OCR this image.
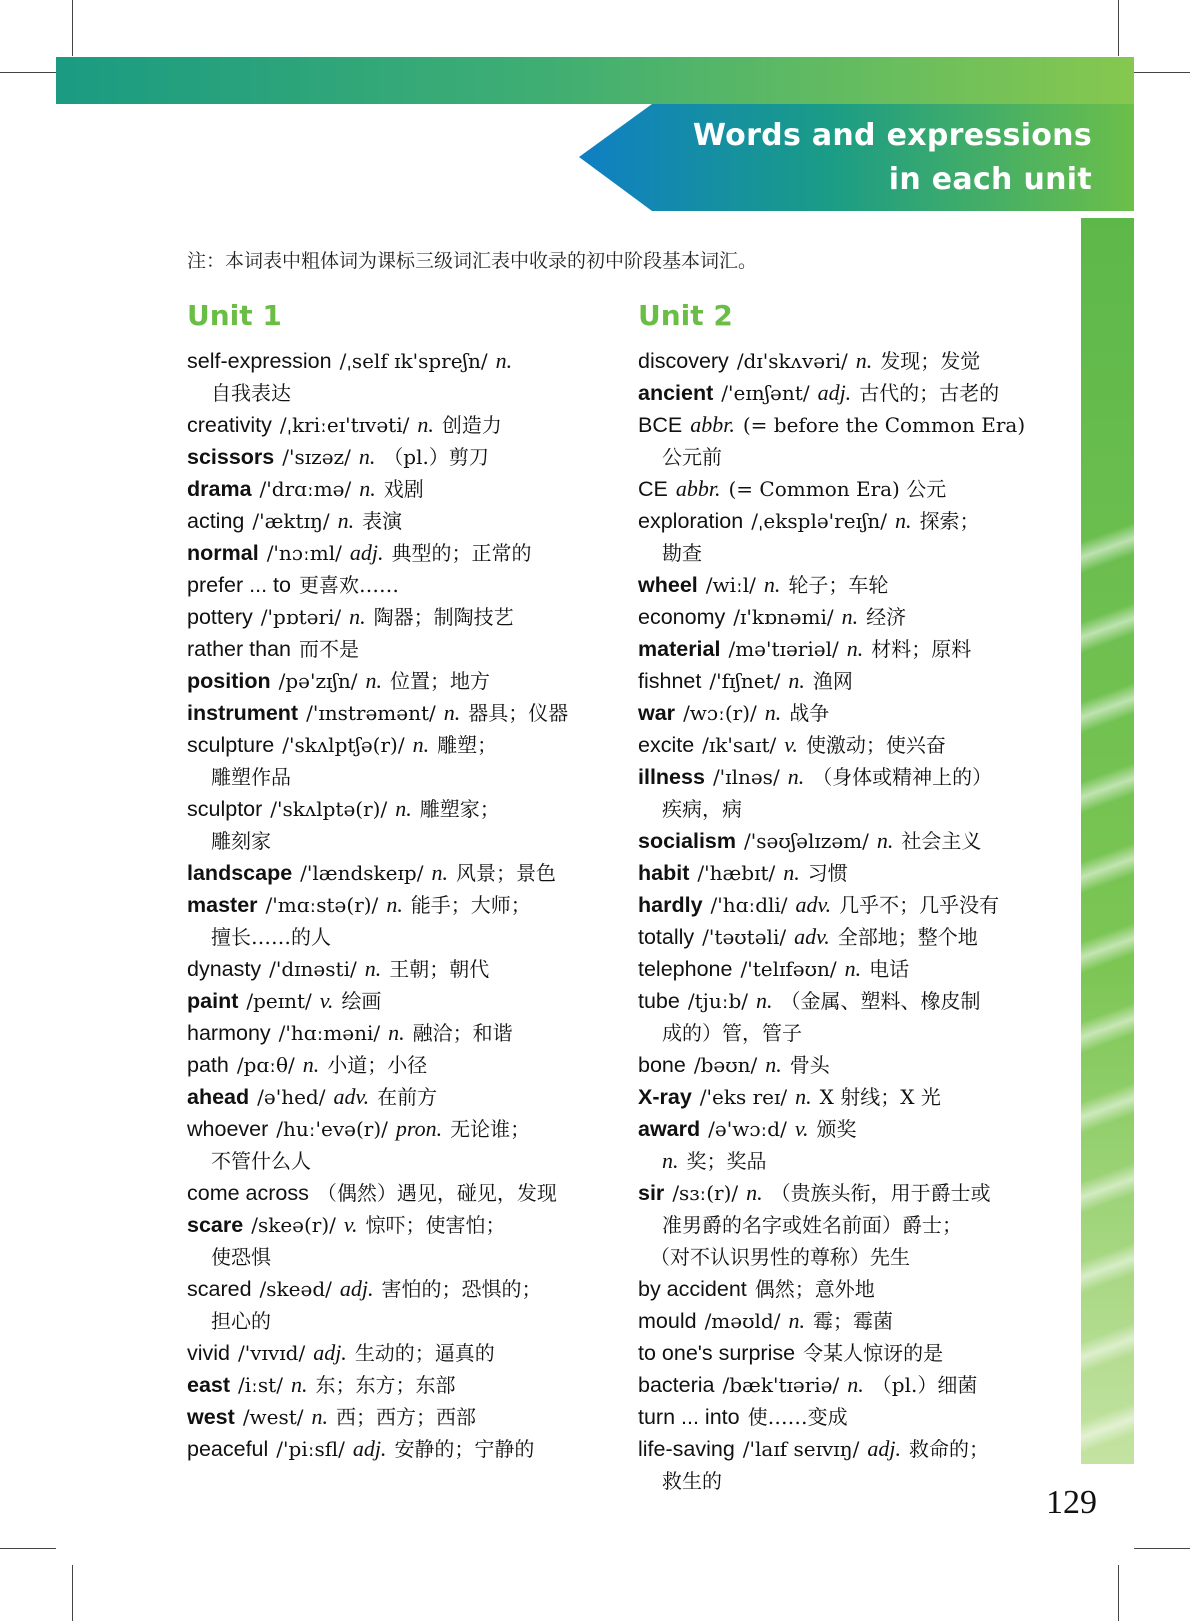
Words and expressions
in each unit
注：本词表中粗体词为课标三级词汇表中收录的初中阶段基本词汇。
Unit 1
self-expression /ˌself ɪk'spreʃn/ n.
自我表达
creativity /ˌkriːeɪ'tɪvəti/ n. 创造力
scissors /'sɪzəz/ n. （pl.）剪刀
drama /'drɑːmə/ n. 戏剧
acting /'æktɪŋ/ n. 表演
normal /'nɔːml/ adj. 典型的；正常的
prefer ... to 更喜欢……
pottery /'pɒtəri/ n. 陶器；制陶技艺
rather than 而不是
position /pə'zɪʃn/ n. 位置；地方
instrument /'ɪnstrəmənt/ n. 器具；仪器
sculpture /'skʌlptʃə(r)/ n. 雕塑；
雕塑作品
sculptor /'skʌlptə(r)/ n. 雕塑家；
雕刻家
landscape /'lændskeɪp/ n. 风景；景色
master /'mɑːstə(r)/ n. 能手；大师；
擅长……的人
dynasty /'dɪnəsti/ n. 王朝；朝代
paint /peɪnt/ v. 绘画
harmony /'hɑːməni/ n. 融洽；和谐
path /pɑːθ/ n. 小道；小径
ahead /ə'hed/ adv. 在前方
whoever /huː'evə(r)/ pron. 无论谁；
不管什么人
come across （偶然）遇见，碰见，发现
scare /skeə(r)/ v. 惊吓；使害怕；
使恐惧
scared /skeəd/ adj. 害怕的；恐惧的；
担心的
vivid /'vɪvɪd/ adj. 生动的；逼真的
east /iːst/ n. 东；东方；东部
west /west/ n. 西；西方；西部
peaceful /'piːsfl/ adj. 安静的；宁静的
Unit 2
discovery /dɪ'skʌvəri/ n. 发现；发觉
ancient /'eɪnʃənt/ adj. 古代的；古老的
BCE abbr. (= before the Common Era)
公元前
CE abbr. (= Common Era) 公元
exploration /ˌeksplə'reɪʃn/ n. 探索；
勘查
wheel /wiːl/ n. 轮子；车轮
economy /ɪ'kɒnəmi/ n. 经济
material /mə'tɪəriəl/ n. 材料；原料
fishnet /'fɪʃnet/ n. 渔网
war /wɔː(r)/ n. 战争
excite /ɪk'saɪt/ v. 使激动；使兴奋
illness /'ɪlnəs/ n. （身体或精神上的）
疾病，病
socialism /'səʊʃəlɪzəm/ n. 社会主义
habit /'hæbɪt/ n. 习惯
hardly /'hɑːdli/ adv. 几乎不；几乎没有
totally /'təʊtəli/ adv. 全部地；整个地
telephone /'telɪfəʊn/ n. 电话
tube /tjuːb/ n. （金属、塑料、橡皮制
成的）管，管子
bone /bəʊn/ n. 骨头
X-ray /'eks reɪ/ n. X 射线；X 光
award /ə'wɔːd/ v. 颁奖
n. 奖；奖品
sir /sɜː(r)/ n. （贵族头衔，用于爵士或
准男爵的名字或姓名前面）爵士；
（对不认识男性的尊称）先生
by accident 偶然；意外地
mould /məʊld/ n. 霉；霉菌
to one's surprise 令某人惊讶的是
bacteria /bæk'tɪəriə/ n. （pl.）细菌
turn ... into 使……变成
life-saving /'laɪf seɪvɪŋ/ adj. 救命的；
救生的
129
